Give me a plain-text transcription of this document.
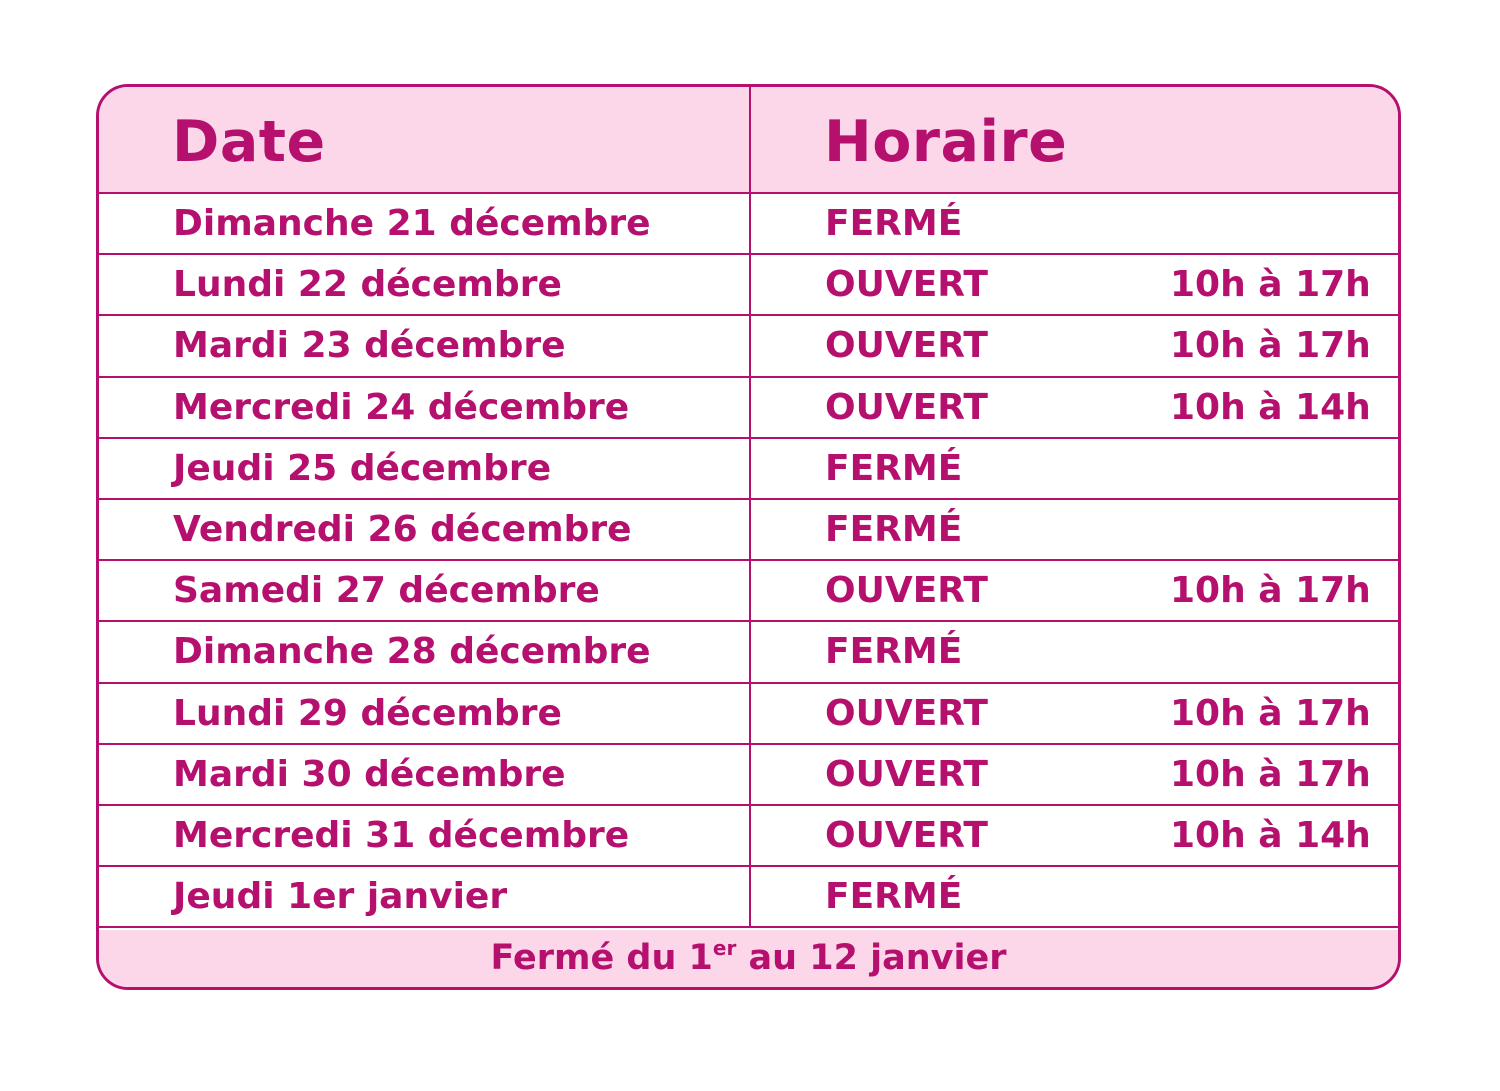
Date	Horaire
Dimanche 21 décembre	FERMÉ
Lundi 22 décembre	OUVERT	10h à 17h
Mardi 23 décembre	OUVERT	10h à 17h
Mercredi 24 décembre	OUVERT	10h à 14h
Jeudi 25 décembre	FERMÉ
Vendredi 26 décembre	FERMÉ
Samedi 27 décembre	OUVERT	10h à 17h
Dimanche 28 décembre	FERMÉ
Lundi 29 décembre	OUVERT	10h à 17h
Mardi 30 décembre	OUVERT	10h à 17h
Mercredi 31 décembre	OUVERT	10h à 14h
Jeudi 1er janvier	FERMÉ
Fermé du 1er au 12 janvier
